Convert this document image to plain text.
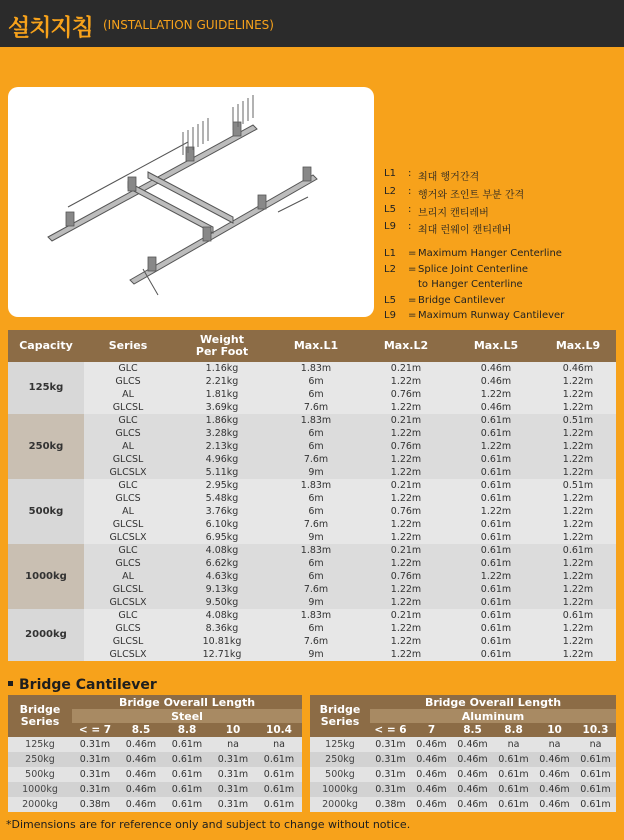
설치지침 (INSTALLATION GUIDELINES)
L1 : 최대 행거간격
L2 : 행거와 조인트 부분 간격
L5 : 브리지 캔티레버
L9 : 최대 런웨이 캔티레버
L1 = Maximum Hanger Centerline
L2 = Splice Joint Centerline
to Hanger Centerline
L5 = Bridge Cantilever
L9 = Maximum Runway Cantilever
Capacity	Series	Weight Per Foot	Max.L1	Max.L2	Max.L5	Max.L9
125kg	GLC	1.16kg	1.83m	0.21m	0.46m	0.46m
	GLCS	2.21kg	6m	1.22m	0.46m	1.22m
	AL	1.81kg	6m	0.76m	1.22m	1.22m
	GLCSL	3.69kg	7.6m	1.22m	0.46m	1.22m
250kg	GLC	1.86kg	1.83m	0.21m	0.61m	0.51m
	GLCS	3.28kg	6m	1.22m	0.61m	1.22m
	AL	2.13kg	6m	0.76m	1.22m	1.22m
	GLCSL	4.96kg	7.6m	1.22m	0.61m	1.22m
	GLCSLX	5.11kg	9m	1.22m	0.61m	1.22m
500kg	GLC	2.95kg	1.83m	0.21m	0.61m	0.51m
	GLCS	5.48kg	6m	1.22m	0.61m	1.22m
	AL	3.76kg	6m	0.76m	1.22m	1.22m
	GLCSL	6.10kg	7.6m	1.22m	0.61m	1.22m
	GLCSLX	6.95kg	9m	1.22m	0.61m	1.22m
1000kg	GLC	4.08kg	1.83m	0.21m	0.61m	0.61m
	GLCS	6.62kg	6m	1.22m	0.61m	1.22m
	AL	4.63kg	6m	0.76m	1.22m	1.22m
	GLCSL	9.13kg	7.6m	1.22m	0.61m	1.22m
	GLCSLX	9.50kg	9m	1.22m	0.61m	1.22m
2000kg	GLC	4.08kg	1.83m	0.21m	0.61m	0.61m
	GLCS	8.36kg	6m	1.22m	0.61m	1.22m
	GLCSL	10.81kg	7.6m	1.22m	0.61m	1.22m
	GLCSLX	12.71kg	9m	1.22m	0.61m	1.22m
Bridge Cantilever
Bridge Series	Bridge Overall Length				
	Steel				
	< = 7	8.5	8.8	10	10.4
125kg	0.31m	0.46m	0.61m	na	na
250kg	0.31m	0.46m	0.61m	0.31m	0.61m
500kg	0.31m	0.46m	0.61m	0.31m	0.61m
1000kg	0.31m	0.46m	0.61m	0.31m	0.61m
2000kg	0.38m	0.46m	0.61m	0.31m	0.61m
Bridge Series	Bridge Overall Length					
	Aluminum					
	< = 6	7	8.5	8.8	10	10.3
125kg	0.31m	0.46m	0.46m	na	na	na
250kg	0.31m	0.46m	0.46m	0.61m	0.46m	0.61m
500kg	0.31m	0.46m	0.46m	0.61m	0.46m	0.61m
1000kg	0.31m	0.46m	0.46m	0.61m	0.46m	0.61m
2000kg	0.38m	0.46m	0.46m	0.61m	0.46m	0.61m
*Dimensions are for reference only and subject to change without notice.
